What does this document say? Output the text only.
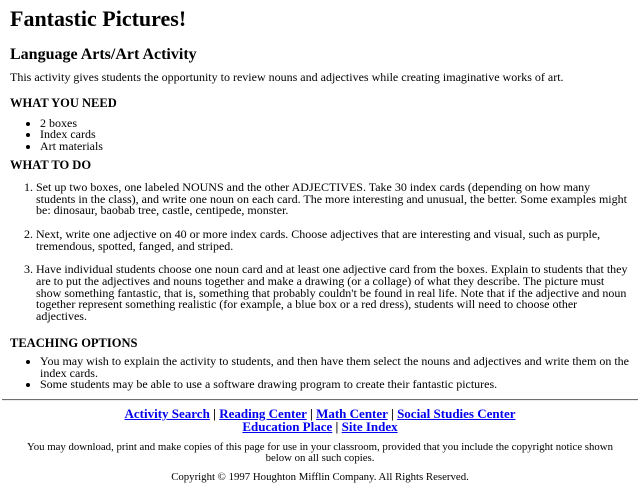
Fantastic Pictures!
Language Arts/Art Activity

This activity gives students the opportunity to review nouns and adjectives while creating imaginative works of art.

WHAT YOU NEED
• 2 boxes
• Index cards
• Art materials
WHAT TO DO
1. Set up two boxes, one labeled NOUNS and the other ADJECTIVES. Take 30 index cards (depending on how many students in the class), and write one noun on each card. The more interesting and unusual, the better. Some examples might be: dinosaur, baobab tree, castle, centipede, monster.
2. Next, write one adjective on 40 or more index cards. Choose adjectives that are interesting and visual, such as purple, tremendous, spotted, fanged, and striped.
3. Have individual students choose one noun card and at least one adjective card from the boxes. Explain to students that they are to put the adjectives and nouns together and make a drawing (or a collage) of what they describe. The picture must show something fantastic, that is, something that probably couldn't be found in real life. Note that if the adjective and noun together represent something realistic (for example, a blue box or a red dress), students will need to choose other adjectives.
TEACHING OPTIONS
• You may wish to explain the activity to students, and then have them select the nouns and adjectives and write them on the index cards.
• Some students may be able to use a software drawing program to create their fantastic pictures.
Activity Search | Reading Center | Math Center | Social Studies Center
Education Place | Site Index

You may download, print and make copies of this page for use in your classroom, provided that you include the copyright notice shown below on all such copies.

Copyright © 1997 Houghton Mifflin Company. All Rights Reserved.
